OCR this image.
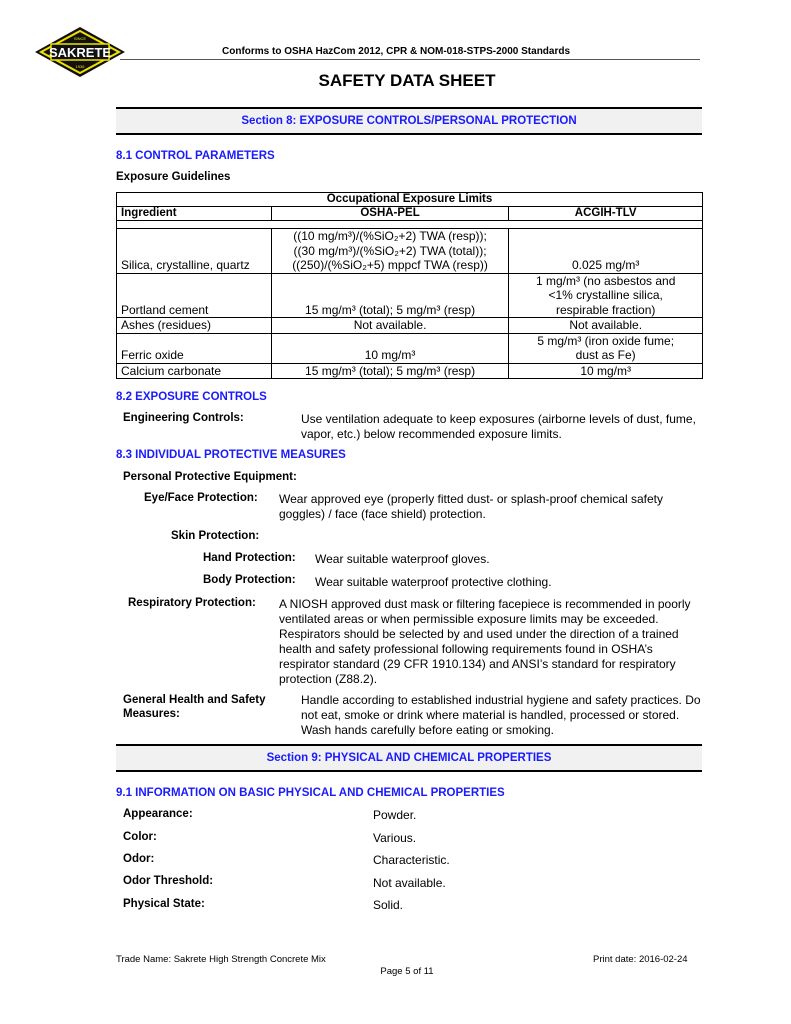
SAKRETE
SINCE
1936
Conforms to OSHA HazCom 2012, CPR & NOM-018-STPS-2000 Standards
SAFETY DATA SHEET
Section 8: EXPOSURE CONTROLS/PERSONAL PROTECTION
8.1 CONTROL PARAMETERS
Exposure Guidelines
Occupational Exposure Limits		
Ingredient	OSHA-PEL	ACGIH-TLV

Silica, crystalline, quartz	((10 mg/m³)/(%SiO₂+2) TWA (resp));
((30 mg/m³)/(%SiO₂+2) TWA (total));
((250)/(%SiO₂+5) mppcf TWA (resp))	0.025 mg/m³
Portland cement	15 mg/m³ (total); 5 mg/m³ (resp)	1 mg/m³ (no asbestos and
<1% crystalline silica,
respirable fraction)

Ashes (residues)	Not available.	Not available.
Ferric oxide	10 mg/m³	5 mg/m³ (iron oxide fume;
dust as Fe)

Calcium carbonate	15 mg/m³ (total); 5 mg/m³ (resp)	10 mg/m³
8.2 EXPOSURE CONTROLS
Engineering Controls:	Use ventilation adequate to keep exposures (airborne levels of dust, fume, vapor, etc.) below recommended exposure limits.
8.3 INDIVIDUAL PROTECTIVE MEASURES
Personal Protective Equipment:
Eye/Face Protection: Wear approved eye (properly fitted dust- or splash-proof chemical safety goggles) / face (face shield) protection.
Skin Protection:
Hand Protection: Wear suitable waterproof gloves.
Body Protection: Wear suitable waterproof protective clothing.
Respiratory Protection: A NIOSH approved dust mask or filtering facepiece is recommended in poorly ventilated areas or when permissible exposure limits may be exceeded. Respirators should be selected by and used under the direction of a trained health and safety professional following requirements found in OSHA’s respirator standard (29 CFR 1910.134) and ANSI’s standard for respiratory protection (Z88.2).
General Health and Safety
Measures:
Handle according to established industrial hygiene and safety practices. Do not eat, smoke or drink where material is handled, processed or stored. Wash hands carefully before eating or smoking.
Section 9: PHYSICAL AND CHEMICAL PROPERTIES
9.1 INFORMATION ON BASIC PHYSICAL AND CHEMICAL PROPERTIES
Appearance:	Powder.
Color:	Various.
Odor:	Characteristic.
Odor Threshold:	Not available.
Physical State:	Solid.
Trade Name: Sakrete High Strength Concrete Mix	Print date: 2016-02-24
Page 5 of 11
